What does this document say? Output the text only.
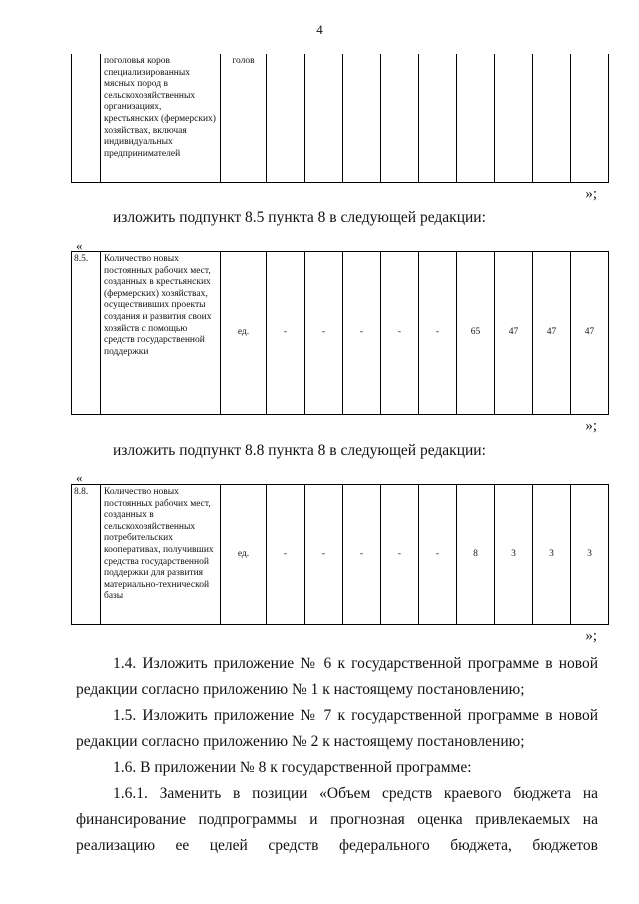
4
	поголовья коров специализированных мясных пород в сельскохозяйственных организациях, крестьянских (фермерских) хозяйствах, включая индивидуальных предпринимателей	голов									
»;
изложить подпункт 8.5 пункта 8 в следующей редакции:
«
8.5.	Количество новых постоянных рабочих мест, созданных в крестьянских (фермерских) хозяйствах, осуществивших проекты создания и развития своих хозяйств с помощью средств государственной поддержки	ед.	-	-	-	-	-	65	47	47	47
»;
изложить подпункт 8.8 пункта 8 в следующей редакции:
«
8.8.	Количество новых постоянных рабочих мест, созданных в сельскохозяйственных потребительских кооперативах, получивших средства государственной поддержки для развития материально-технической базы	ед.	-	-	-	-	-	8	3	3	3
»;
1.4. Изложить приложение № 6 к государственной программе в новой редакции согласно приложению № 1 к настоящему постановлению;
1.5. Изложить приложение № 7 к государственной программе в новой редакции согласно приложению № 2 к настоящему постановлению;
1.6. В приложении № 8 к государственной программе:
1.6.1. Заменить в позиции «Объем средств краевого бюджета на финансирование подпрограммы и прогнозная оценка привлекаемых на реализацию ее целей средств федерального бюджета, бюджетов
